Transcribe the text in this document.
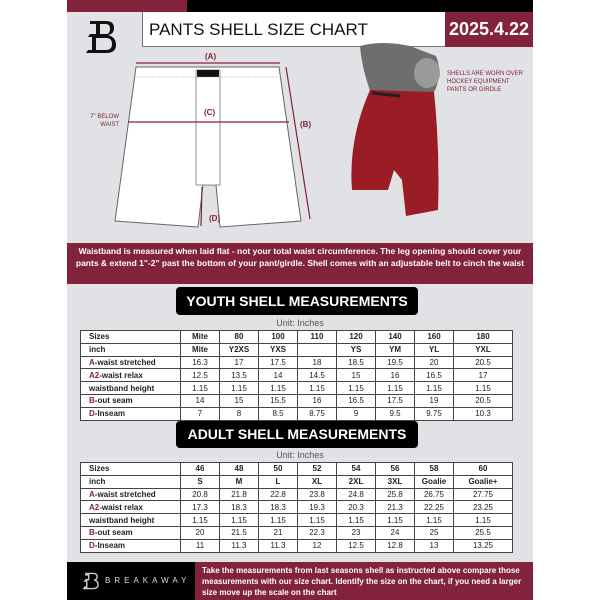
PANTS SHELL SIZE CHART	2025.4.22
(A)
(C)
(B)
(D)
7" BELOW WAIST
SHELLS ARE WORN OVER HOCKEY EQUIPMENT PANTS OR GIRDLE
Waistband is measured when laid flat - not your total waist circumference. The leg opening should cover your pants & extend 1"-2" past the bottom of your pant/girdle. Shell comes with an adjustable belt to cinch the waist
YOUTH SHELL MEASUREMENTS
Unit: Inches
Sizes	Mite	80	100	110	120	140	160	180
inch	Mite	Y2XS	YXS		YS	YM	YL	YXL
A-waist stretched	16.3	17	17.5	18	18.5	19.5	20	20.5
A2-waist relax	12.5	13.5	14	14.5	15	16	16.5	17
waistband height	1.15	1.15	1.15	1.15	1.15	1.15	1.15	1.15
B-out seam	14	15	15.5	16	16.5	17.5	19	20.5
D-Inseam	7	8	8.5	8.75	9	9.5	9.75	10.3
ADULT SHELL MEASUREMENTS
Unit: Inches
Sizes	46	48	50	52	54	56	58	60
inch	S	M	L	XL	2XL	3XL	Goalie	Goalie+
A-waist stretched	20.8	21.8	22.8	23.8	24.8	25.8	26.75	27.75
A2-waist relax	17.3	18.3	18.3	19.3	20.3	21.3	22.25	23.25
waistband height	1.15	1.15	1.15	1.15	1.15	1.15	1.15	1.15
B-out seam	20	21.5	21	22.3	23	24	25	25.5
D-Inseam	11	11.3	11.3	12	12.5	12.8	13	13.25
BREAKAWAY
Take the measurements from last seasons shell as instructed above compare those measurements with our size chart. Identify the size on the chart, if you need a larger size move up the scale on the chart
